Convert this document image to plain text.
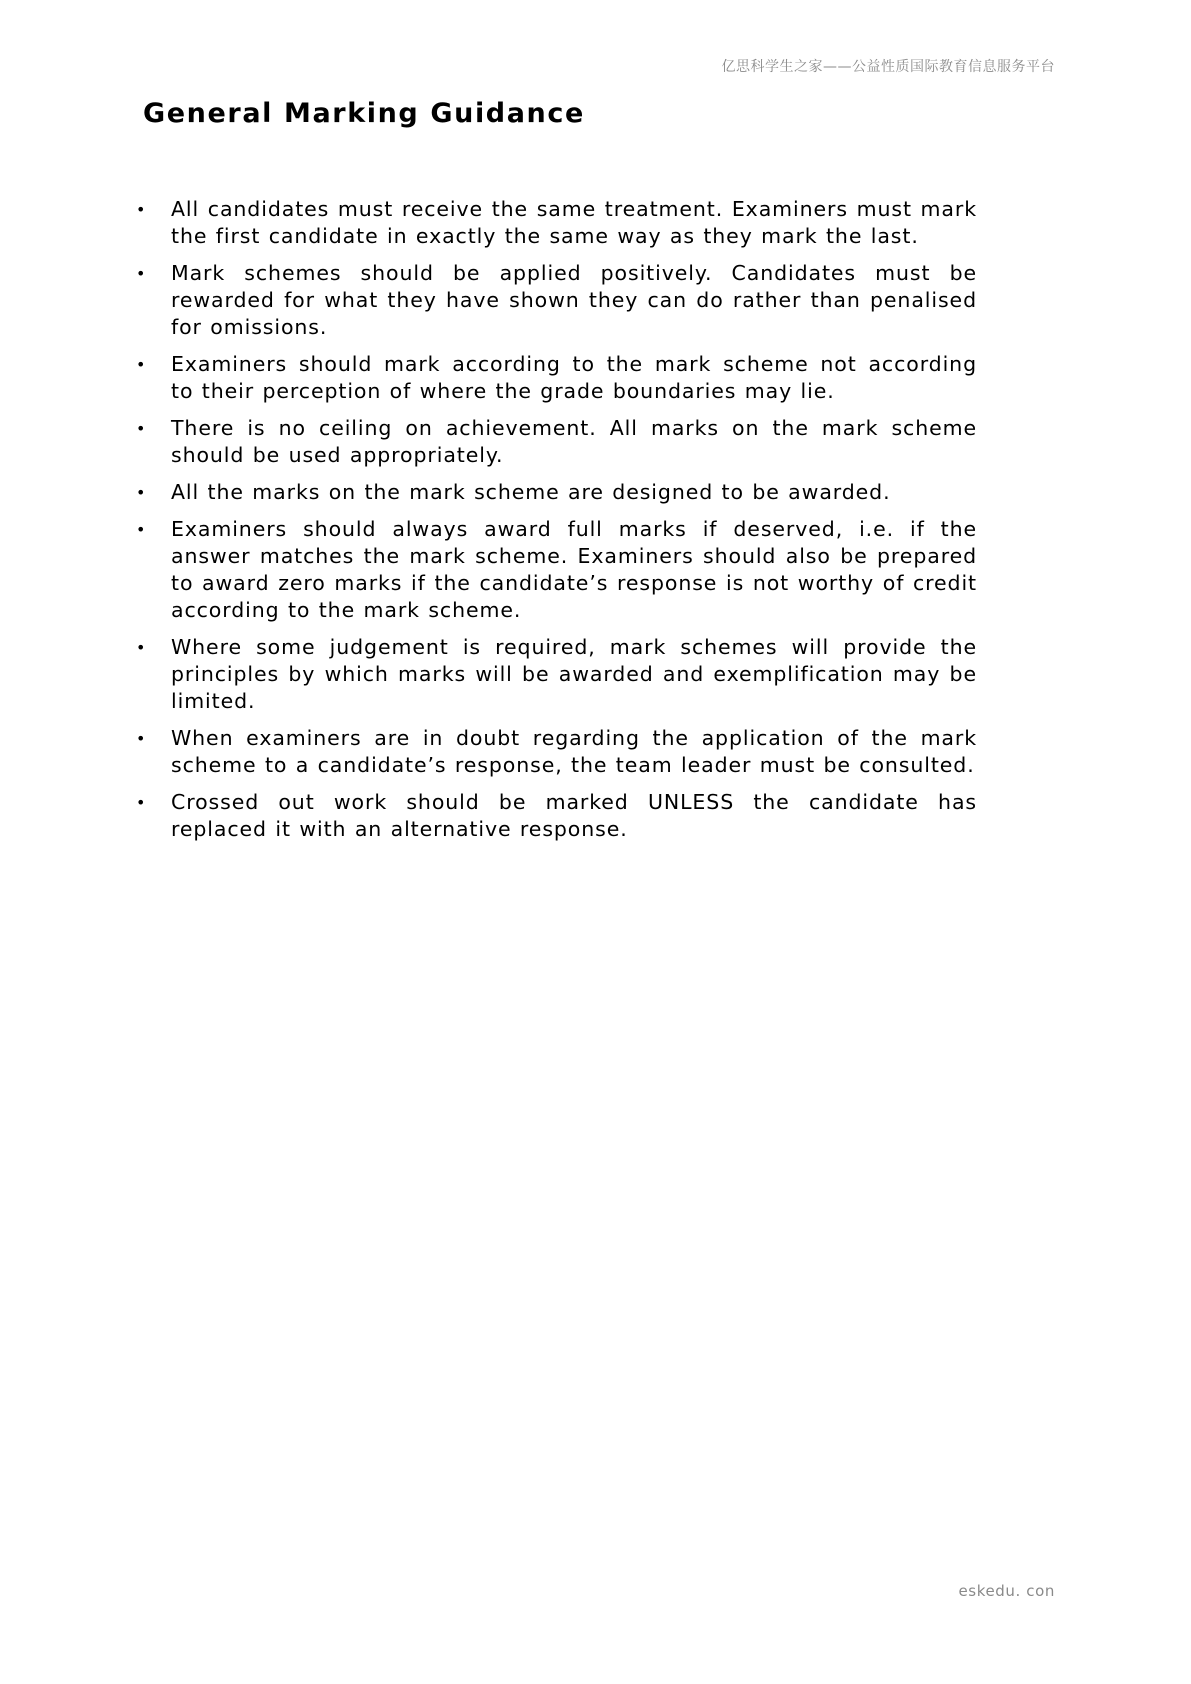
亿思科学生之家——公益性质国际教育信息服务平台
General Marking Guidance
• All candidates must receive the same treatment. Examiners must mark the first candidate in exactly the same way as they mark the last.
• Mark schemes should be applied positively. Candidates must be rewarded for what they have shown they can do rather than penalised for omissions.
• Examiners should mark according to the mark scheme not according to their perception of where the grade boundaries may lie.
• There is no ceiling on achievement. All marks on the mark scheme should be used appropriately.
• All the marks on the mark scheme are designed to be awarded.
• Examiners should always award full marks if deserved, i.e. if the answer matches the mark scheme. Examiners should also be prepared to award zero marks if the candidate’s response is not worthy of credit according to the mark scheme.
• Where some judgement is required, mark schemes will provide the principles by which marks will be awarded and exemplification may be limited.
• When examiners are in doubt regarding the application of the mark scheme to a candidate’s response, the team leader must be consulted.
• Crossed out work should be marked UNLESS the candidate has replaced it with an alternative response.
eskedu. con
